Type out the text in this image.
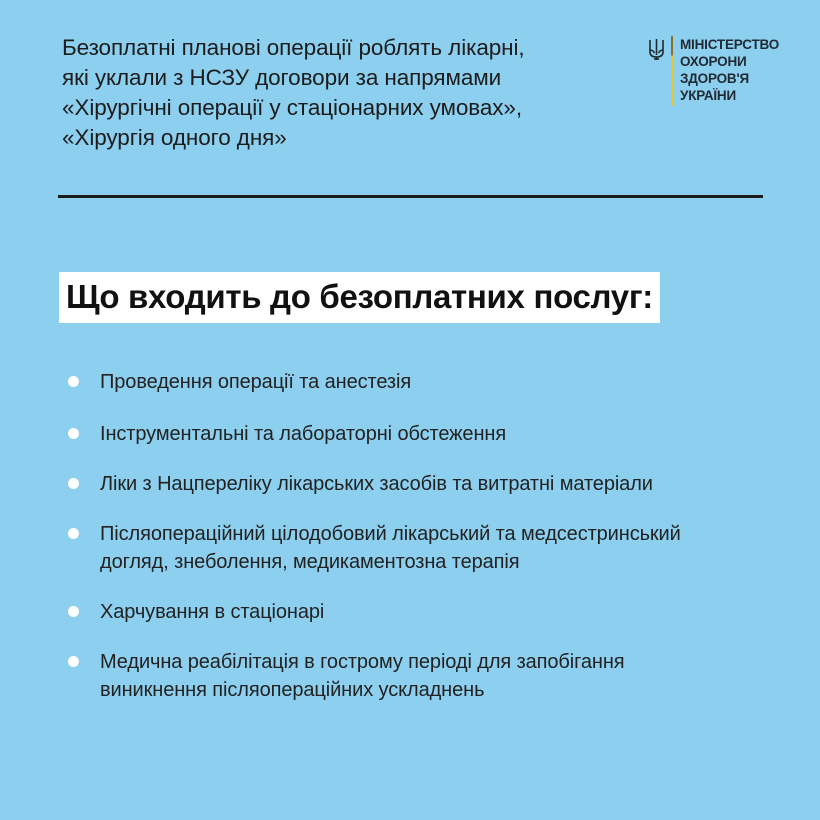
Безоплатні планові операції роблять лікарні,
які уклали з НСЗУ договори за напрямами
«Хірургічні операції у стаціонарних умовах»,
«Хірургія одного дня»
МІНІСТЕРСТВО
ОХОРОНИ
ЗДОРОВ'Я
УКРАЇНИ
Що входить до безоплатних послуг:
Проведення операції та анестезія
Інструментальні та лабораторні обстеження
Ліки з Нацпереліку лікарських засобів та витратні матеріали
Післяопераційний цілодобовий лікарський та медсестринський
догляд, знеболення, медикаментозна терапія
Харчування в стаціонарі
Медична реабілітація в гострому періоді для запобігання
виникнення післяопераційних ускладнень
